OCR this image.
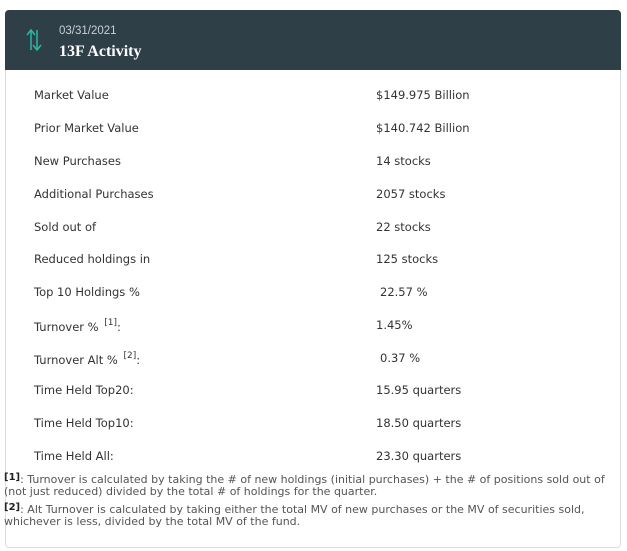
03/31/2021
13F Activity
Market Value	$149.975 Billion
Prior Market Value	$140.742 Billion
New Purchases	14 stocks
Additional Purchases	2057 stocks
Sold out of	22 stocks
Reduced holdings in	125 stocks
Top 10 Holdings %	22.57 %
Turnover % [1]:	1.45%
Turnover Alt % [2]:	0.37 %
Time Held Top20:	15.95 quarters
Time Held Top10:	18.50 quarters
Time Held All:	23.30 quarters
[1]: Turnover is calculated by taking the # of new holdings (initial purchases) + the # of positions sold out of (not just reduced) divided by the total # of holdings for the quarter.
[2]: Alt Turnover is calculated by taking either the total MV of new purchases or the MV of securities sold, whichever is less, divided by the total MV of the fund.
